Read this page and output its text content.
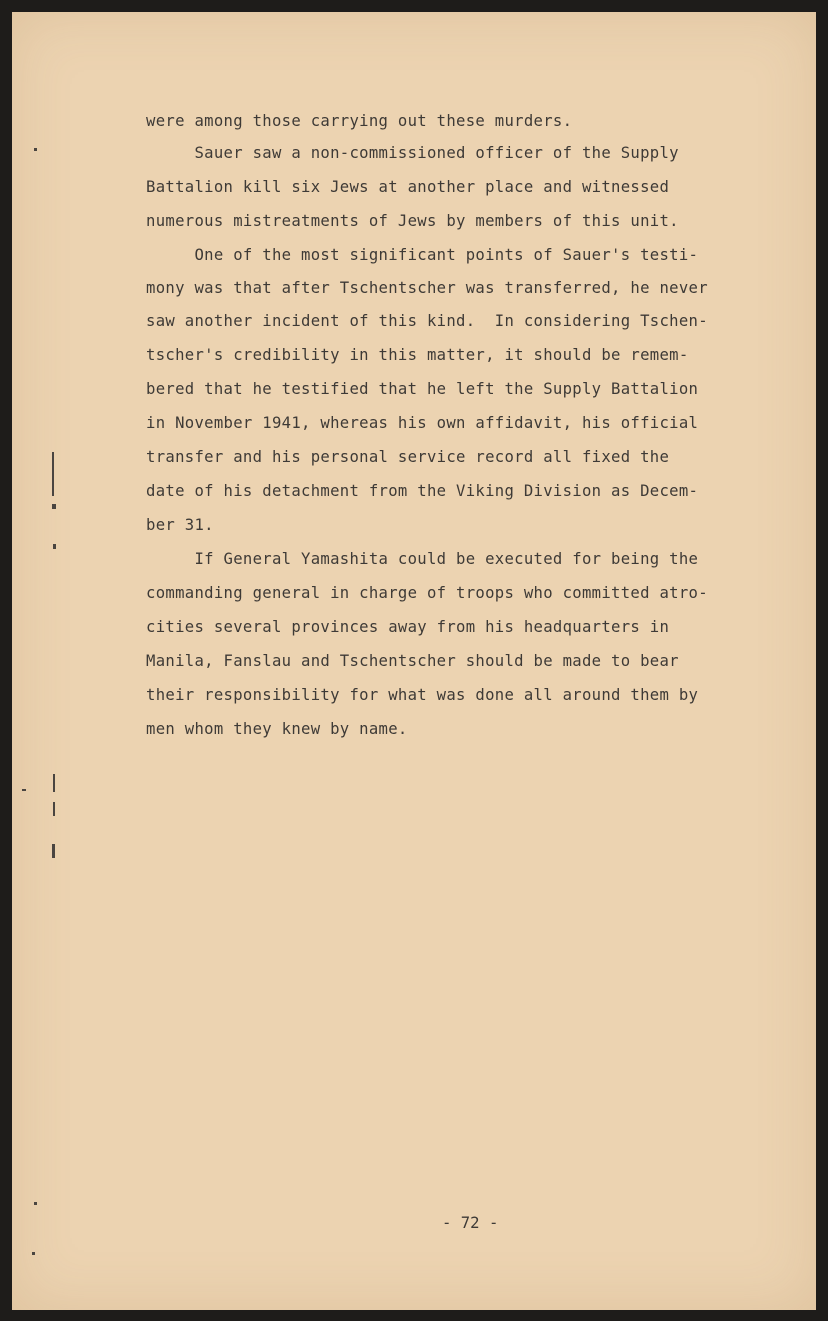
were among those carrying out these murders.
Sauer saw a non-commissioned officer of the Supply
Battalion kill six Jews at another place and witnessed
numerous mistreatments of Jews by members of this unit.
One of the most significant points of Sauer's testi-
mony was that after Tschentscher was transferred, he never
saw another incident of this kind.  In considering Tschen-
tscher's credibility in this matter, it should be remem-
bered that he testified that he left the Supply Battalion
in November 1941, whereas his own affidavit, his official
transfer and his personal service record all fixed the
date of his detachment from the Viking Division as Decem-
ber 31.
If General Yamashita could be executed for being the
commanding general in charge of troops who committed atro-
cities several provinces away from his headquarters in
Manila, Fanslau and Tschentscher should be made to bear
their responsibility for what was done all around them by
men whom they knew by name.
- 72 -
